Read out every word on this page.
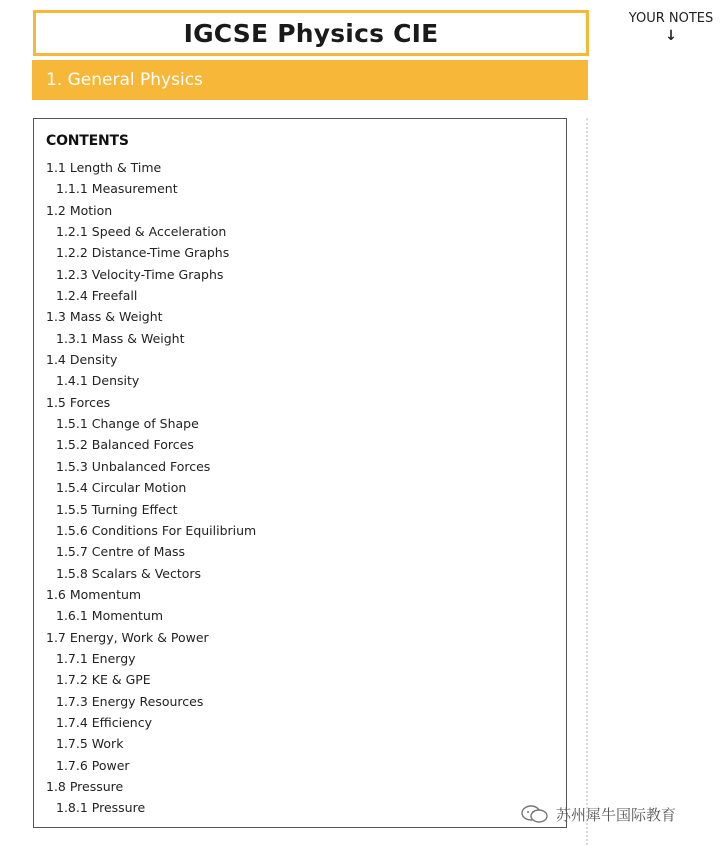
IGCSE Physics CIE
1. General Physics
YOUR NOTES
↓
CONTENTS
1.1 Length & Time
1.1.1 Measurement
1.2 Motion
1.2.1 Speed & Acceleration
1.2.2 Distance-Time Graphs
1.2.3 Velocity-Time Graphs
1.2.4 Freefall
1.3 Mass & Weight
1.3.1 Mass & Weight
1.4 Density
1.4.1 Density
1.5 Forces
1.5.1 Change of Shape
1.5.2 Balanced Forces
1.5.3 Unbalanced Forces
1.5.4 Circular Motion
1.5.5 Turning Effect
1.5.6 Conditions For Equilibrium
1.5.7 Centre of Mass
1.5.8 Scalars & Vectors
1.6 Momentum
1.6.1 Momentum
1.7 Energy, Work & Power
1.7.1 Energy
1.7.2 KE & GPE
1.7.3 Energy Resources
1.7.4 Efficiency
1.7.5 Work
1.7.6 Power
1.8 Pressure
1.8.1 Pressure	苏州犀牛国际教育
